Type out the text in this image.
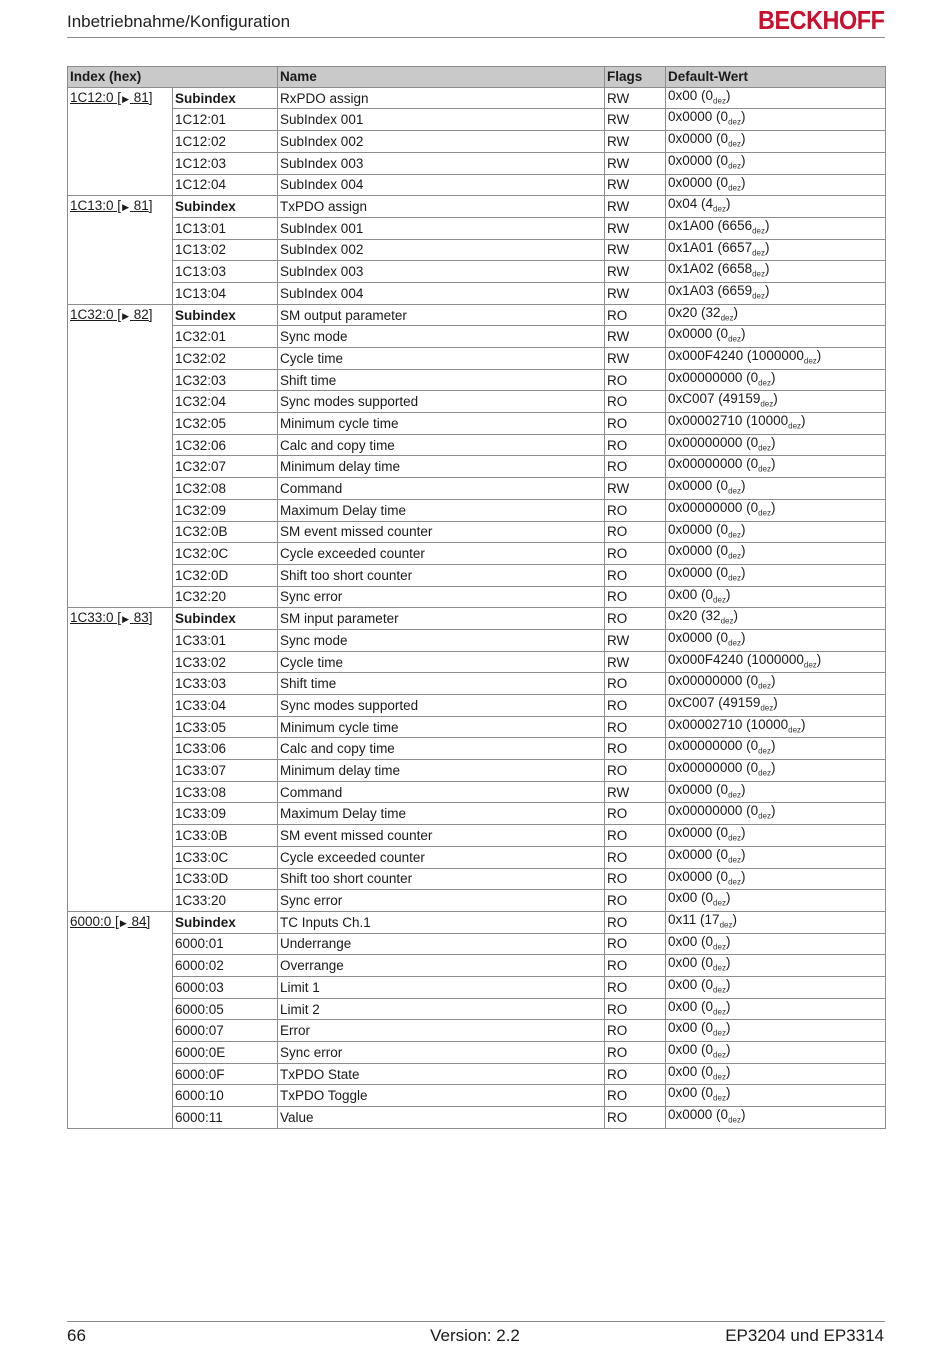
Inbetriebnahme/Konfiguration	BECKHOFF
Index (hex)		Name	Flags	Default-Wert
1C12:0 [▶ 81]	Subindex	RxPDO assign	RW	0x00 $(0_{dez})$
	1C12:01	SubIndex 001	RW	0x0000 $(0_{dez})$
	1C12:02	SubIndex 002	RW	0x0000 $(0_{dez})$
	1C12:03	SubIndex 003	RW	0x0000 $(0_{dez})$
	1C12:04	SubIndex 004	RW	0x0000 $(0_{dez})$
1C13:0 [▶ 81]	Subindex	TxPDO assign	RW	0x04 $(4_{dez})$
	1C13:01	SubIndex 001	RW	0x1A00 $(6656_{dez})$
	1C13:02	SubIndex 002	RW	0x1A01 $(6657_{dez})$
	1C13:03	SubIndex 003	RW	0x1A02 $(6658_{dez})$
	1C13:04	SubIndex 004	RW	0x1A03 $(6659_{dez})$
1C32:0 [▶ 82]	Subindex	SM output parameter	RO	0x20 $(32_{dez})$
	1C32:01	Sync mode	RW	0x0000 $(0_{dez})$
	1C32:02	Cycle time	RW	0x000F4240 $(1000000_{dez})$
	1C32:03	Shift time	RO	0x00000000 $(0_{dez})$
	1C32:04	Sync modes supported	RO	0xC007 $(49159_{dez})$
	1C32:05	Minimum cycle time	RO	0x00002710 $(10000_{dez})$
	1C32:06	Calc and copy time	RO	0x00000000 $(0_{dez})$
	1C32:07	Minimum delay time	RO	0x00000000 $(0_{dez})$
	1C32:08	Command	RW	0x0000 $(0_{dez})$
	1C32:09	Maximum Delay time	RO	0x00000000 $(0_{dez})$
	1C32:0B	SM event missed counter	RO	0x0000 $(0_{dez})$
	1C32:0C	Cycle exceeded counter	RO	0x0000 $(0_{dez})$
	1C32:0D	Shift too short counter	RO	0x0000 $(0_{dez})$
	1C32:20	Sync error	RO	0x00 $(0_{dez})$
1C33:0 [▶ 83]	Subindex	SM input parameter	RO	0x20 $(32_{dez})$
	1C33:01	Sync mode	RW	0x0000 $(0_{dez})$
	1C33:02	Cycle time	RW	0x000F4240 $(1000000_{dez})$
	1C33:03	Shift time	RO	0x00000000 $(0_{dez})$
	1C33:04	Sync modes supported	RO	0xC007 $(49159_{dez})$
	1C33:05	Minimum cycle time	RO	0x00002710 $(10000_{dez})$
	1C33:06	Calc and copy time	RO	0x00000000 $(0_{dez})$
	1C33:07	Minimum delay time	RO	0x00000000 $(0_{dez})$
	1C33:08	Command	RW	0x0000 $(0_{dez})$
	1C33:09	Maximum Delay time	RO	0x00000000 $(0_{dez})$
	1C33:0B	SM event missed counter	RO	0x0000 $(0_{dez})$
	1C33:0C	Cycle exceeded counter	RO	0x0000 $(0_{dez})$
	1C33:0D	Shift too short counter	RO	0x0000 $(0_{dez})$
	1C33:20	Sync error	RO	0x00 $(0_{dez})$
6000:0 [▶ 84]	Subindex	TC Inputs Ch.1	RO	0x11 $(17_{dez})$
	6000:01	Underrange	RO	0x00 $(0_{dez})$
	6000:02	Overrange	RO	0x00 $(0_{dez})$
	6000:03	Limit 1	RO	0x00 $(0_{dez})$
	6000:05	Limit 2	RO	0x00 $(0_{dez})$
	6000:07	Error	RO	0x00 $(0_{dez})$
	6000:0E	Sync error	RO	0x00 $(0_{dez})$
	6000:0F	TxPDO State	RO	0x00 $(0_{dez})$
	6000:10	TxPDO Toggle	RO	0x00 $(0_{dez})$
	6000:11	Value	RO	0x0000 $(0_{dez})$
66	Version: 2.2	EP3204 und EP3314
